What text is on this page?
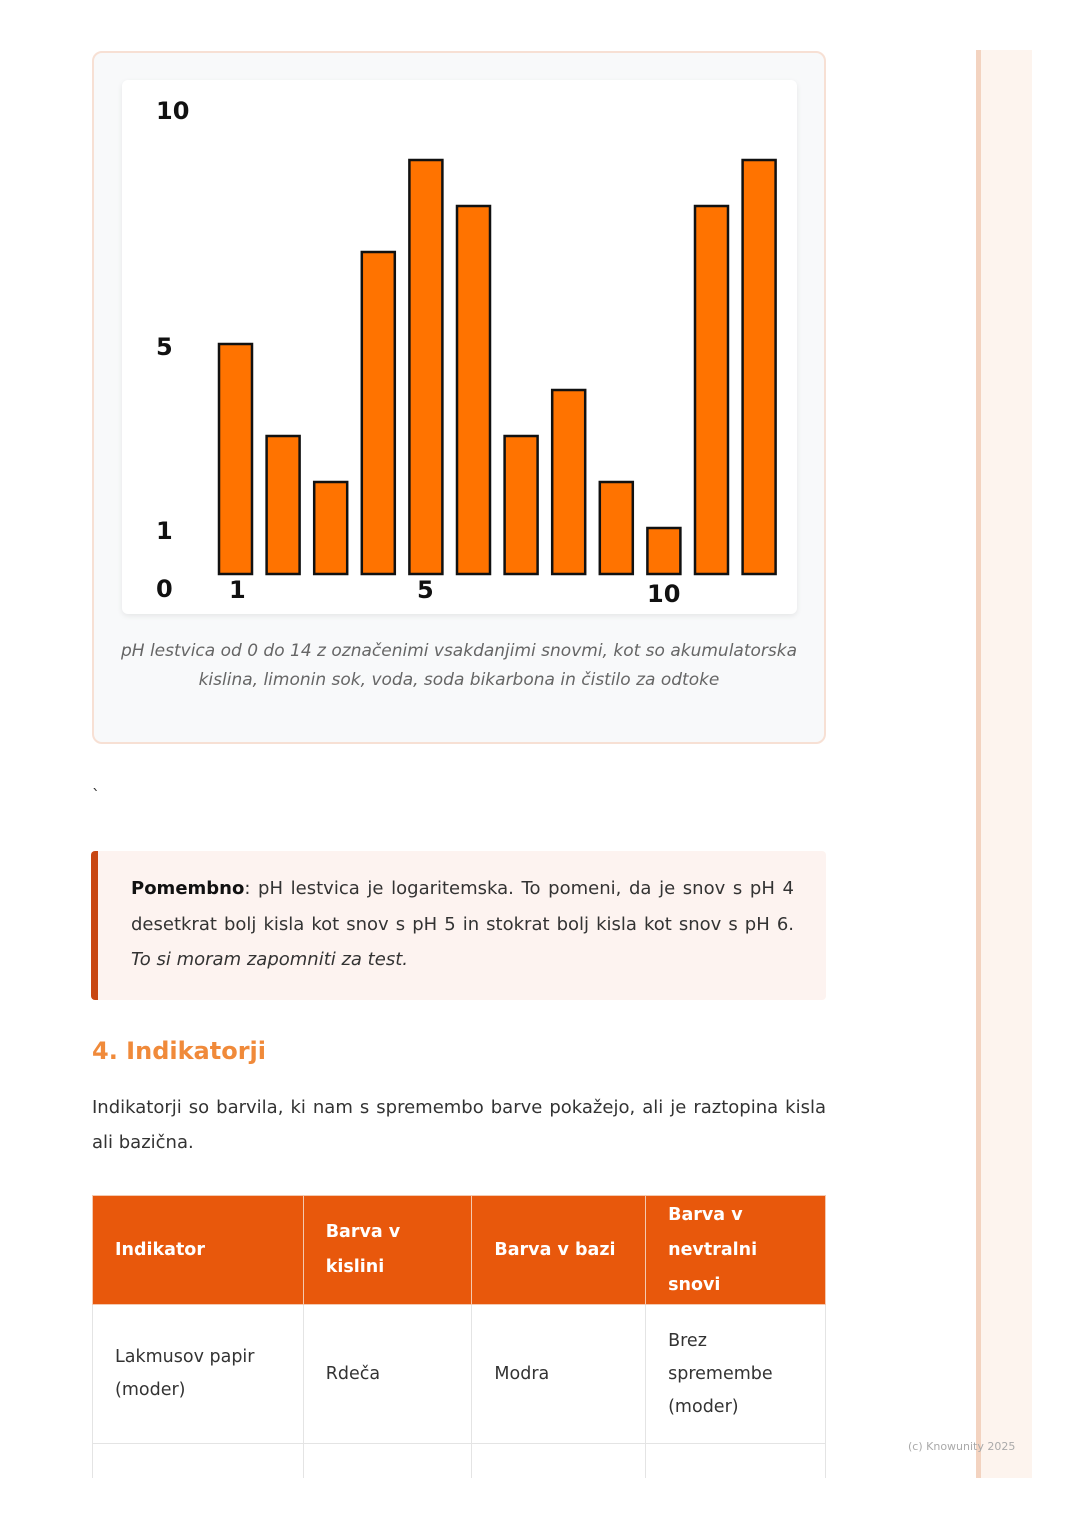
(c) Knowunity 2025
10
5
1
0 1	5	10
pH lestvica od 0 do 14 z označenimi vsakdanjimi snovmi, kot so akumulatorska kislina, limonin sok, voda, soda bikarbona in čistilo za odtoke
`
Pomembno: pH lestvica je logaritemska. To pomeni, da je snov s pH 4 desetkrat bolj kisla kot snov s pH 5 in stokrat bolj kisla kot snov s pH 6. To si moram zapomniti za test.
4. Indikatorji
Indikatorji so barvila, ki nam s spremembo barve pokažejo, ali je raztopina kisla ali bazična.
Indikator	Barva v kislini	Barva v bazi	Barva v nevtralni snovi
Lakmusov papir (moder)	Rdeča	Modra	Brez spremembe (moder)
